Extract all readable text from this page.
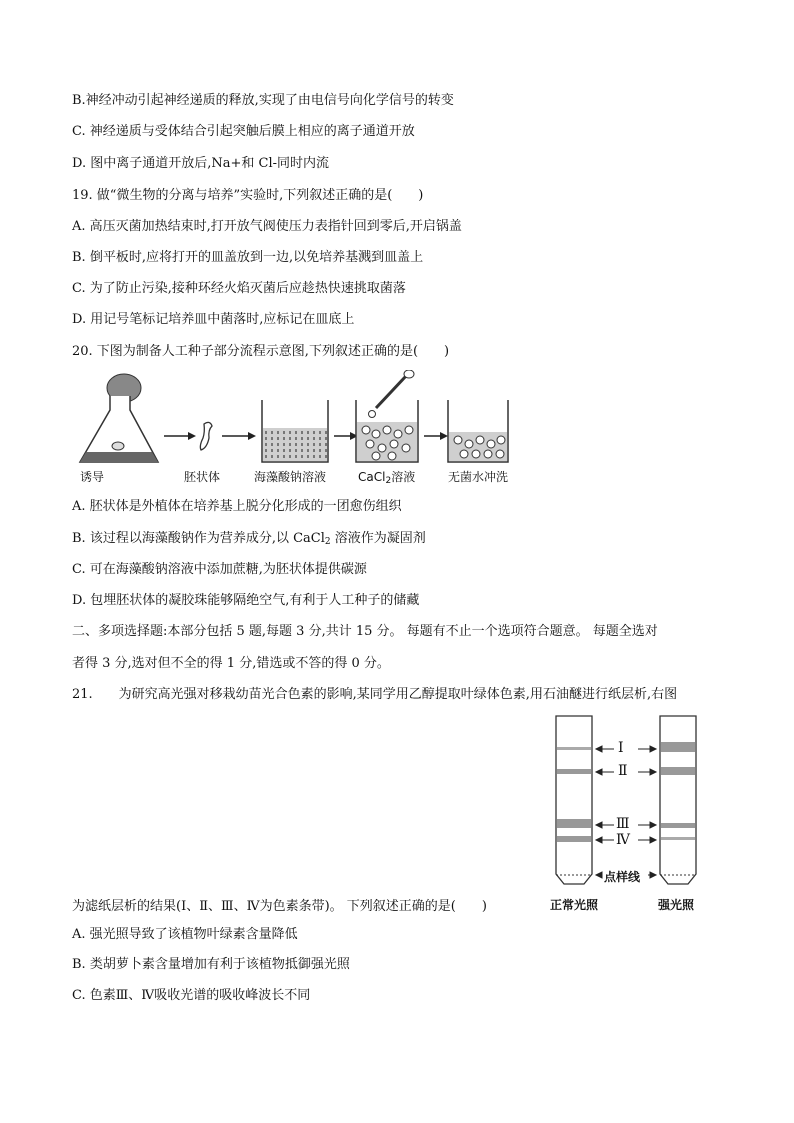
B.神经冲动引起神经递质的释放,实现了由电信号向化学信号的转变
C. 神经递质与受体结合引起突触后膜上相应的离子通道开放
D. 图中离子通道开放后,Na+和 Cl-同时内流
19. 做“微生物的分离与培养”实验时,下列叙述正确的是(　　)
A. 高压灭菌加热结束时,打开放气阀使压力表指针回到零后,开启锅盖
B. 倒平板时,应将打开的皿盖放到一边,以免培养基溅到皿盖上
C. 为了防止污染,接种环经火焰灭菌后应趁热快速挑取菌落
D. 用记号笔标记培养皿中菌落时,应标记在皿底上
20. 下图为制备人工种子部分流程示意图,下列叙述正确的是(　　)
诱导	胚状体	海藻酸钠溶液	CaCl$_2$溶液	无菌水冲洗
A. 胚状体是外植体在培养基上脱分化形成的一团愈伤组织
B. 该过程以海藻酸钠作为营养成分,以 CaCl$_2$ 溶液作为凝固剂
C. 可在海藻酸钠溶液中添加蔗糖,为胚状体提供碳源
D. 包埋胚状体的凝胶珠能够隔绝空气,有利于人工种子的储藏
二、多项选择题:本部分包括 5 题,每题 3 分,共计 15 分。 每题有不止一个选项符合题意。 每题全选对
者得 3 分,选对但不全的得 1 分,错选或不答的得 0 分。
21.　　为研究高光强对移栽幼苗光合色素的影响,某同学用乙醇提取叶绿体色素,用石油醚进行纸层析,右图
Ⅰ
Ⅱ
Ⅲ
Ⅳ
点样线
正常光照	强光照
为滤纸层析的结果(Ⅰ、Ⅱ、Ⅲ、Ⅳ为色素条带)。 下列叙述正确的是(　　)
A. 强光照导致了该植物叶绿素含量降低
B. 类胡萝卜素含量增加有利于该植物抵御强光照
C. 色素Ⅲ、Ⅳ吸收光谱的吸收峰波长不同
